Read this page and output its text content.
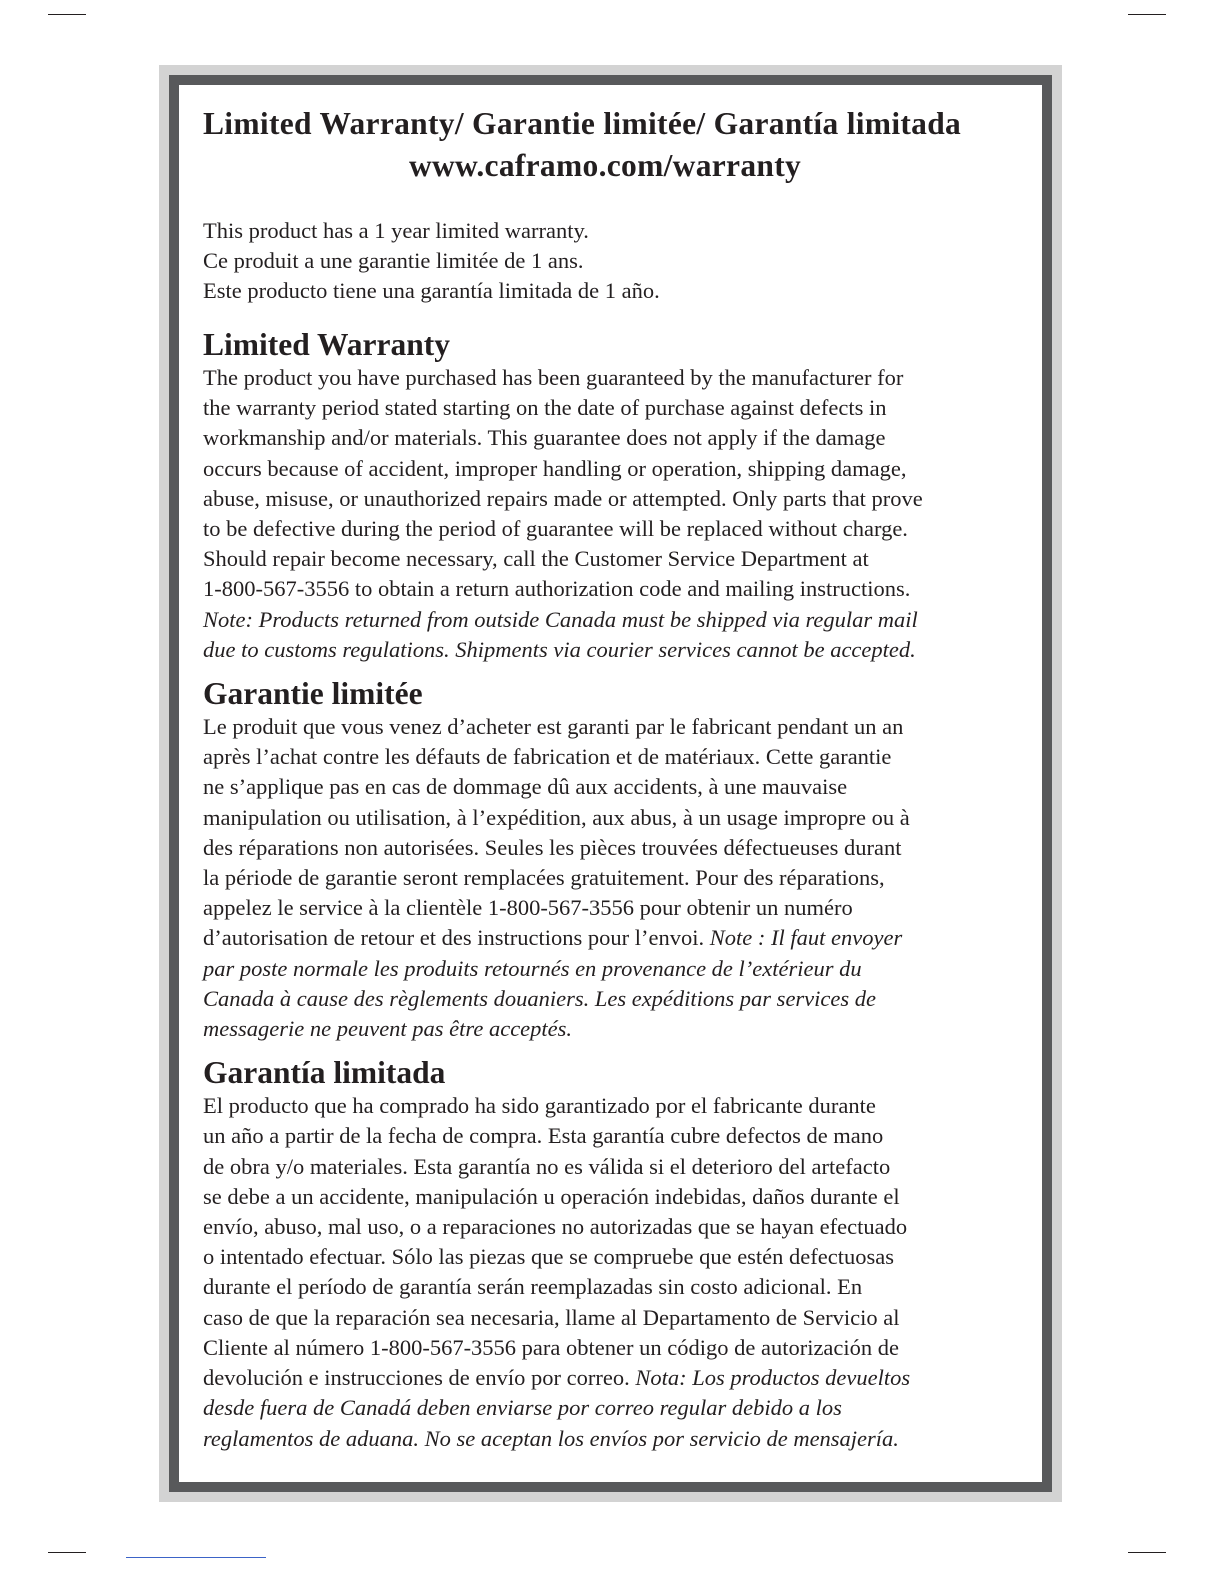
Limited Warranty/ Garantie limitée/ Garantía limitada
www.caframo.com/warranty
This product has a 1 year limited warranty.
Ce produit a une garantie limitée de 1 ans.
Este producto tiene una garantía limitada de 1 año.
Limited Warranty
The product you have purchased has been guaranteed by the manufacturer for
the warranty period stated starting on the date of purchase against defects in
workmanship and/or materials. This guarantee does not apply if the damage
occurs because of accident, improper handling or operation, shipping damage,
abuse, misuse, or unauthorized repairs made or attempted. Only parts that prove
to be defective during the period of guarantee will be replaced without charge.
Should repair become necessary, call the Customer Service Department at
1-800-567-3556 to obtain a return authorization code and mailing instructions.
Note: Products returned from outside Canada must be shipped via regular mail
due to customs regulations. Shipments via courier services cannot be accepted.
Garantie limitée
Le produit que vous venez d’acheter est garanti par le fabricant pendant un an
après l’achat contre les défauts de fabrication et de matériaux. Cette garantie
ne s’applique pas en cas de dommage dû aux accidents, à une mauvaise
manipulation ou utilisation, à l’expédition, aux abus, à un usage impropre ou à
des réparations non autorisées. Seules les pièces trouvées défectueuses durant
la période de garantie seront remplacées gratuitement. Pour des réparations,
appelez le service à la clientèle 1-800-567-3556 pour obtenir un numéro
d’autorisation de retour et des instructions pour l’envoi. Note : Il faut envoyer
par poste normale les produits retournés en provenance de l’extérieur du
Canada à cause des règlements douaniers. Les expéditions par services de
messagerie ne peuvent pas être acceptés.
Garantía limitada
El producto que ha comprado ha sido garantizado por el fabricante durante
un año a partir de la fecha de compra. Esta garantía cubre defectos de mano
de obra y/o materiales. Esta garantía no es válida si el deterioro del artefacto
se debe a un accidente, manipulación u operación indebidas, daños durante el
envío, abuso, mal uso, o a reparaciones no autorizadas que se hayan efectuado
o intentado efectuar. Sólo las piezas que se compruebe que estén defectuosas
durante el período de garantía serán reemplazadas sin costo adicional. En
caso de que la reparación sea necesaria, llame al Departamento de Servicio al
Cliente al número 1-800-567-3556 para obtener un código de autorización de
devolución e instrucciones de envío por correo. Nota: Los productos devueltos
desde fuera de Canadá deben enviarse por correo regular debido a los
reglamentos de aduana. No se aceptan los envíos por servicio de mensajería.
